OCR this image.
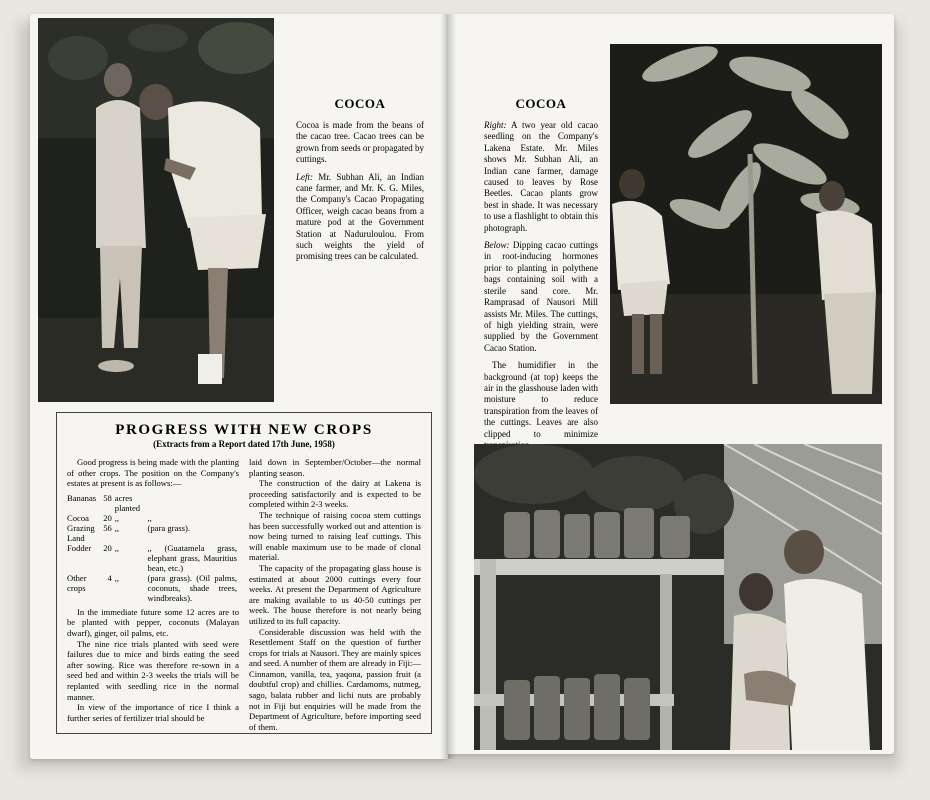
COCOA

Cocoa is made from the beans of the cacao tree. Cacao trees can be grown from seeds or propagated by cuttings.

Left: Mr. Subhan Ali, an Indian cane farmer, and Mr. K. G. Miles, the Company's Cacao Propagating Officer, weigh cacao beans from a mature pod at the Government Station at Naduruloulou. From such weights the yield of promising trees can be calculated.

PROGRESS WITH NEW CROPS

(Extracts from a Report dated 17th June, 1958)

Good progress is being made with the planting of other crops. The position on the Company's estates at present is as follows:—

Bananas	58	acres planted	
Cocoa	20	,,	,,
Grazing Land	56	,,	(para grass).
Fodder	20	,,	,, (Guatamela grass, elephant grass, Mauritius bean, etc.)
Other crops	4	,,	(para grass). (Oil palms, coconuts, shade trees, windbreaks).

In the immediate future some 12 acres are to be planted with pepper, coconuts (Malayan dwarf), ginger, oil palms, etc.

The nine rice trials planted with seed were failures due to mice and birds eating the seed after sowing. Rice was therefore re-sown in a seed bed and within 2-3 weeks the trials will be replanted with seedling rice in the normal manner.

In view of the importance of rice I think a further series of fertilizer trial should be

laid down in September/October—the normal planting season.

The construction of the dairy at Lakena is proceeding satisfactorily and is expected to be completed within 2-3 weeks.

The technique of raising cocoa stem cuttings has been successfully worked out and attention is now being turned to raising leaf cuttings. This will enable maximum use to be made of clonal material.

The capacity of the propagating glass house is estimated at about 2000 cuttings every four weeks. At present the Department of Agriculture are making available to us 40-50 cuttings per week. The house therefore is not nearly being utilized to its full capacity.

Considerable discussion was held with the Resettlement Staff on the question of further crops for trials at Nausori. They are mainly spices and seed. A number of them are already in Fiji:— Cinnamon, vanilla, tea, yaqona, passion fruit (a doubtful crop) and chillies. Cardamoms, nutmeg, sago, balata rubber and lichi nuts are probably not in Fiji but enquiries will be made from the Department of Agriculture, before importing seed of them.

COCOA

Right: A two year old cacao seedling on the Company's Lakena Estate. Mr. Miles shows Mr. Subhan Ali, an Indian cane farmer, damage caused to leaves by Rose Beetles. Cacao plants grow best in shade. It was necessary to use a flashlight to obtain this photograph.

Below: Dipping cacao cuttings in root-inducing hormones prior to planting in polythene bags containing soil with a sterile sand core. Mr. Ramprasad of Nausori Mill assists Mr. Miles. The cuttings, of high yielding strain, were supplied by the Government Cacao Station.

The humidifier in the background (at top) keeps the air in the glasshouse laden with moisture to reduce transpiration from the leaves of the cuttings. Leaves are also clipped to minimize
